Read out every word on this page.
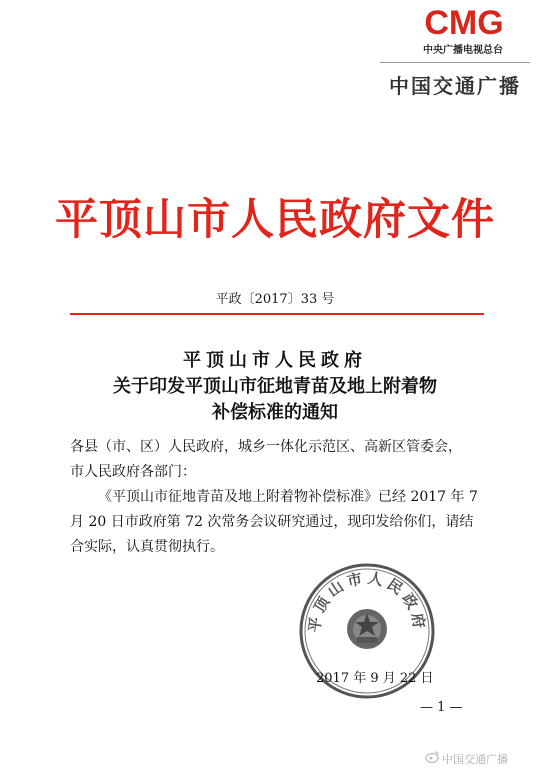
CMG
中央广播电视总台
中国交通广播
平顶山市人民政府文件
平政〔2017〕33 号
平顶山市人民政府
关于印发平顶山市征地青苗及地上附着物
补偿标准的通知
各县（市、区）人民政府，城乡一体化示范区、高新区管委会，
市人民政府各部门：
《平顶山市征地青苗及地上附着物补偿标准》已经 2017 年 7
月 20 日市政府第 72 次常务会议研究通过，现印发给你们，请结
合实际，认真贯彻执行。
平顶山市人民政府
2017 年 9 月 22 日
— 1 —
中国交通广播
